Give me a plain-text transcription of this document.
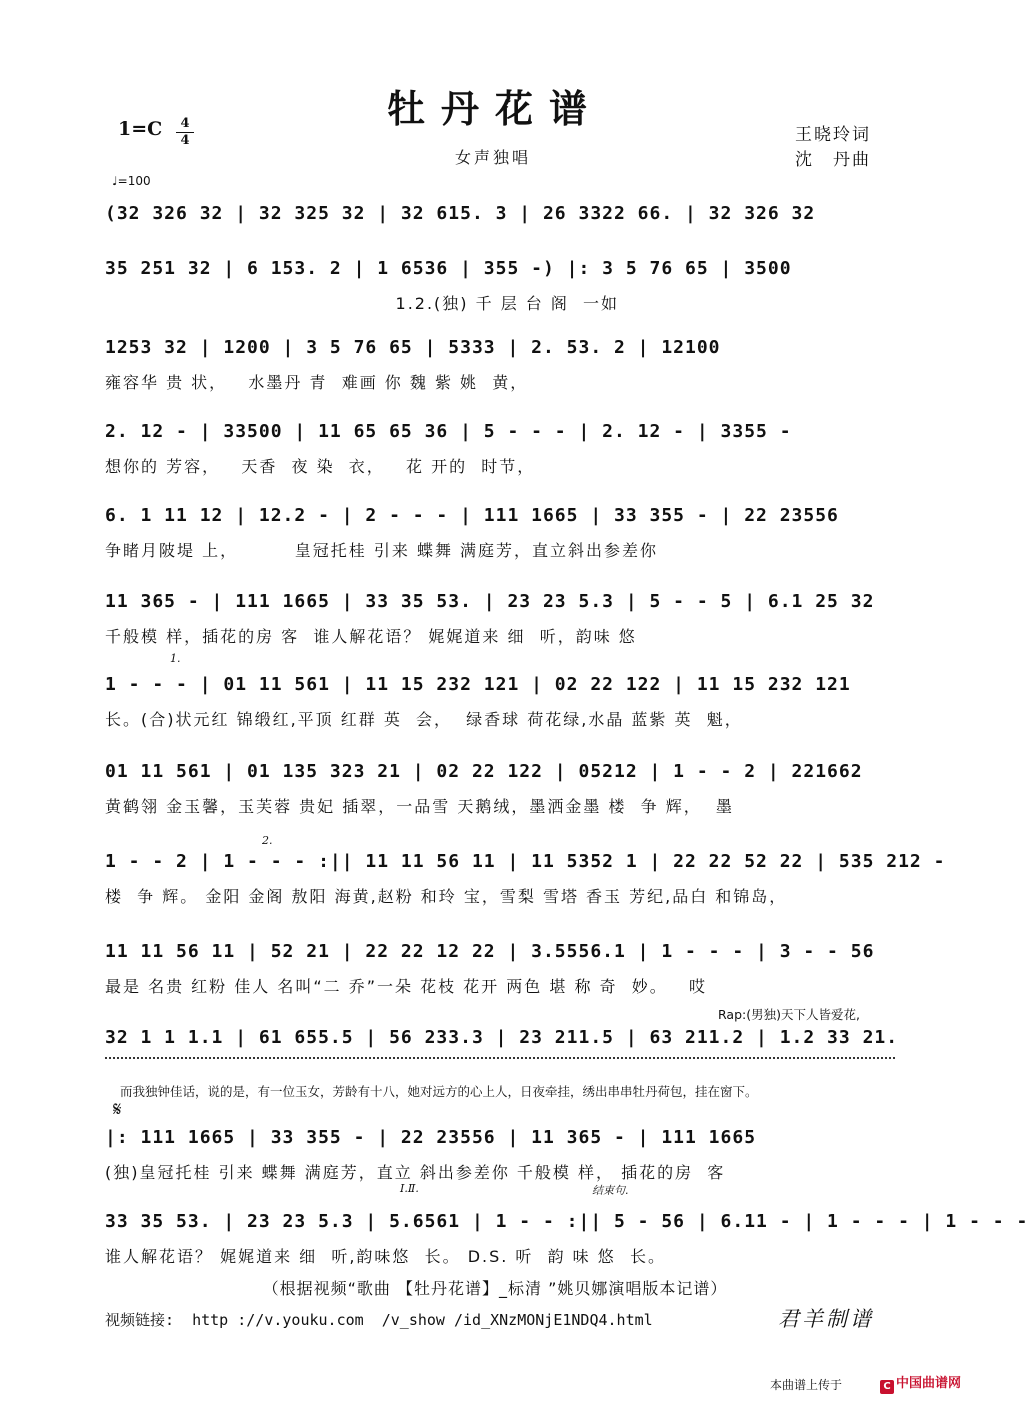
牡丹花谱
1=C	4
4
女声独唱
王晓玲词
沈　丹曲
♩=100
(32 326 32 | 32 325 32 | 32 615. 3 | 26 3322 66. | 32 326 32
35 251 32 | 6 153. 2 | 1 6536 | 355 -) |: 3 5 76 65 | 3500
1.2.(独) 千 层 台 阁  一如
1253 32 | 1200 | 3 5 76 65 | 5333 | 2. 53. 2 | 12100
雍容华 贵 状，   水墨丹 青  难画 你 魏 紫 姚  黄，
2. 12 - | 33500 | 11 65 65 36 | 5 - - - | 2. 12 - | 3355 -
想你的 芳容，   天香  夜 染  衣，   花 开的  时节，
6. 1 11 12 | 12.2 - | 2 - - - | 111 1665 | 33 355 - | 22 23556
争睹月陂堤 上，        皇冠托桂 引来 蝶舞 满庭芳，直立斜出参差你
11 365 - | 111 1665 | 33 35 53. | 23 23 5.3 | 5 - - 5 | 6.1 25 32
千般模 样，插花的房 客  谁人解花语？ 娓娓道来 细  听，韵味 悠
1.
1 - - - | 01 11 561 | 11 15 232 121 | 02 22 122 | 11 15 232 121
长。(合)状元红 锦缎红,平顶 红群 英  会，  绿香球 荷花绿,水晶 蓝紫 英  魁，
01 11 561 | 01 135 323 21 | 02 22 122 | 05212 | 1 - - 2 | 221662
黄鹤翎 金玉馨，玉芙蓉 贵妃 插翠，一品雪 天鹅绒，墨洒金墨 楼  争 辉，  墨
2.
1 - - 2 | 1 - - - :|| 11 11 56 11 | 11 5352 1 | 22 22 52 22 | 535 212 -
楼  争 辉。 金阳 金阁 敖阳 海黄,赵粉 和玲 宝，雪梨 雪塔 香玉 芳纪,品白 和锦岛，
11 11 56 11 | 52 21 | 22 22 12 22 | 3.5556.1 | 1 - - - | 3 - - 56
最是 名贵 红粉 佳人 名叫“二 乔”一朵 花枝 花开 两色 堪 称 奇  妙。   哎
Rap:(男独)天下人皆爱花,
32 1 1 1.1 | 61 655.5 | 56 233.3 | 23 211.5 | 63 211.2 | 1.2 33 21.
而我独钟佳话，说的是，有一位玉女，芳龄有十八，她对远方的心上人，日夜牵挂，绣出串串牡丹荷包，挂在窗下。
𝄋
|: 111 1665 | 33 355 - | 22 23556 | 11 365 - | 111 1665
(独)皇冠托桂 引来 蝶舞 满庭芳，直立 斜出参差你 千般模 样， 插花的房  客
Ⅰ.Ⅱ.	结束句.
33 35 53. | 23 23 5.3 | 5.6561 | 1 - - :|| 5 - 56 | 6.11 - | 1 - - - | 1 - - -
谁人解花语？ 娓娓道来 细  听,韵味悠  长。 D.S. 听  韵 味 悠  长。
（根据视频“歌曲 【牡丹花谱】_标清 ”姚贝娜演唱版本记谱）
视频链接: http ://v.youku.com  /v_show /id_XNzMONjE1NDQ4.html	君羊制谱
本曲谱上传于	C 中国曲谱网
